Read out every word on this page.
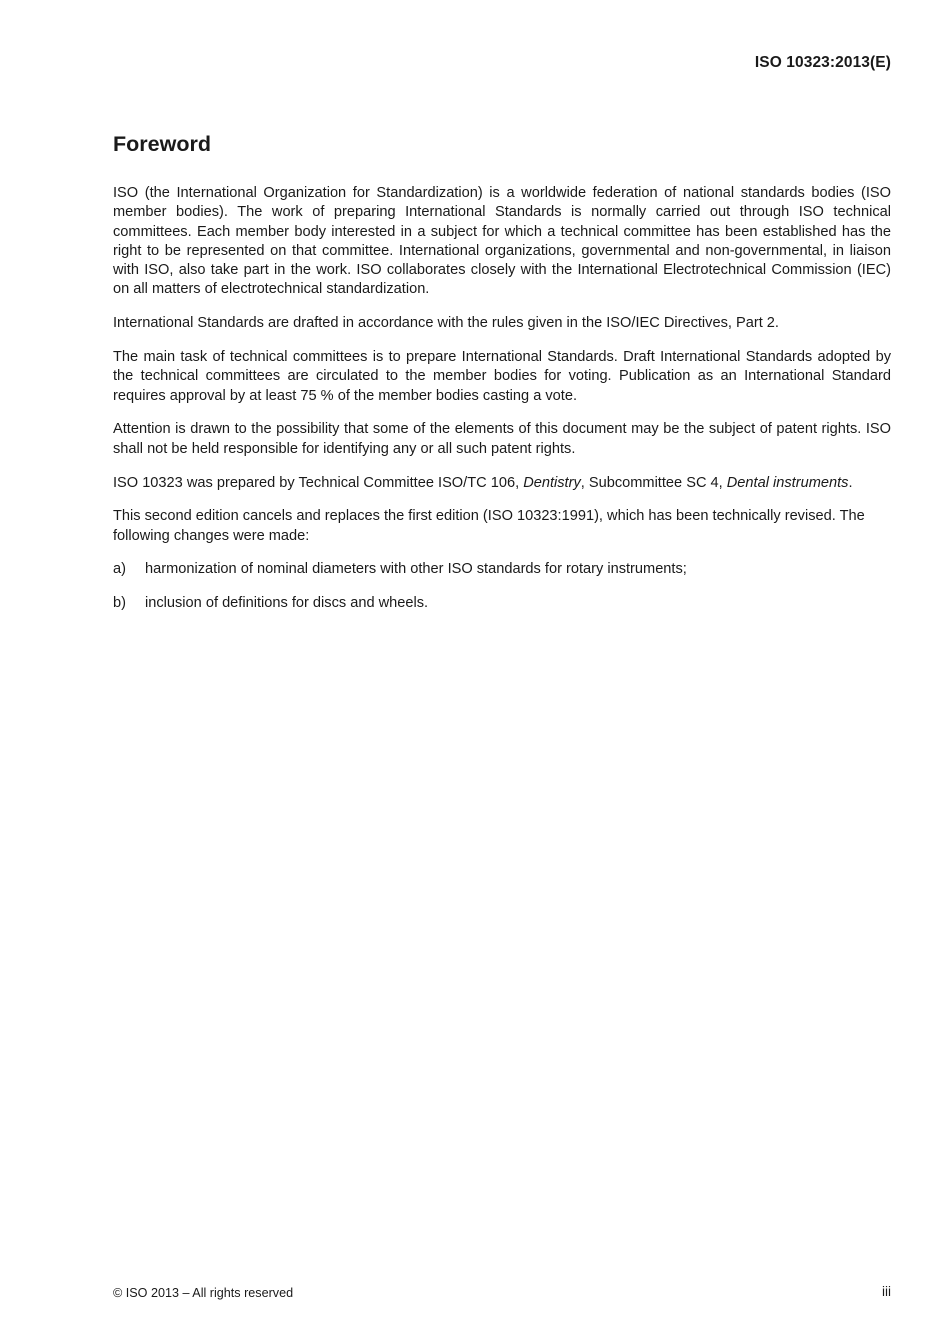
ISO 10323:2013(E)
Foreword

ISO (the International Organization for Standardization) is a worldwide federation of national standards bodies (ISO member bodies). The work of preparing International Standards is normally carried out through ISO technical committees. Each member body interested in a subject for which a technical committee has been established has the right to be represented on that committee. International organizations, governmental and non-governmental, in liaison with ISO, also take part in the work. ISO collaborates closely with the International Electrotechnical Commission (IEC) on all matters of electrotechnical standardization.

International Standards are drafted in accordance with the rules given in the ISO/IEC Directives, Part 2.

The main task of technical committees is to prepare International Standards. Draft International Standards adopted by the technical committees are circulated to the member bodies for voting. Publication as an International Standard requires approval by at least 75 % of the member bodies casting a vote.

Attention is drawn to the possibility that some of the elements of this document may be the subject of patent rights. ISO shall not be held responsible for identifying any or all such patent rights.

ISO 10323 was prepared by Technical Committee ISO/TC 106, Dentistry, Subcommittee SC 4, Dental instruments.

This second edition cancels and replaces the first edition (ISO 10323:1991), which has been technically revised. The following changes were made:

a)	harmonization of nominal diameters with other ISO standards for rotary instruments;
b)	inclusion of definitions for discs and wheels.
© ISO 2013 – All rights reserved	iii
